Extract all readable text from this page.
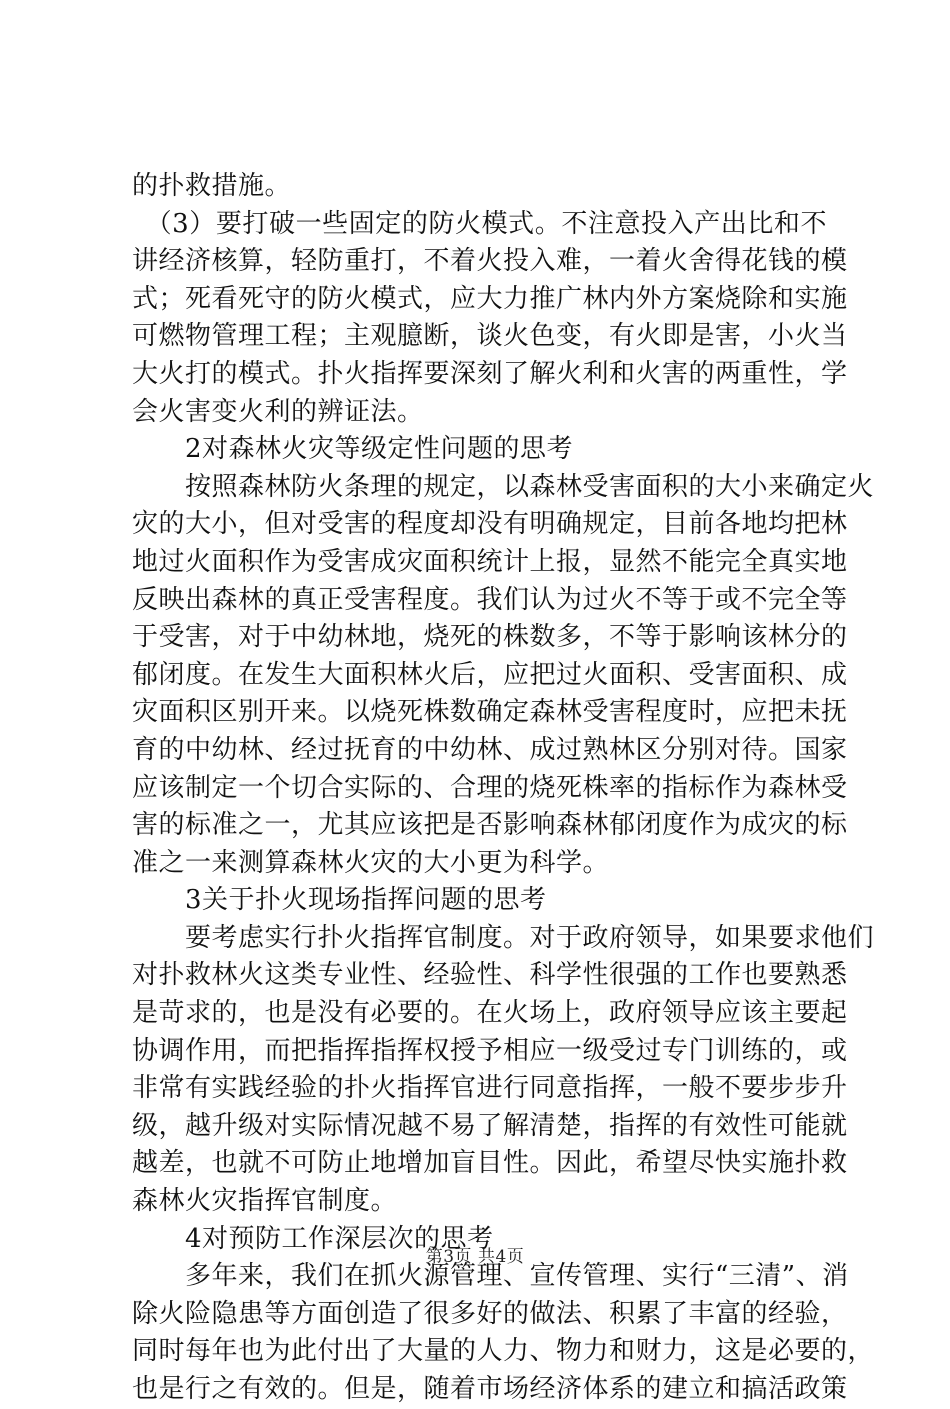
的扑救措施。
　（3）要打破一些固定的防火模式。不注意投入产出比和不
讲经济核算，轻防重打，不着火投入难，一着火舍得花钱的模
式；死看死守的防火模式，应大力推广林内外方案烧除和实施
可燃物管理工程；主观臆断，谈火色变，有火即是害，小火当
大火打的模式。扑火指挥要深刻了解火利和火害的两重性，学
会火害变火利的辨证法。
　　2对森林火灾等级定性问题的思考
　　按照森林防火条理的规定，以森林受害面积的大小来确定火
灾的大小，但对受害的程度却没有明确规定，目前各地均把林
地过火面积作为受害成灾面积统计上报，显然不能完全真实地
反映出森林的真正受害程度。我们认为过火不等于或不完全等
于受害，对于中幼林地，烧死的株数多，不等于影响该林分的
郁闭度。在发生大面积林火后，应把过火面积、受害面积、成
灾面积区别开来。以烧死株数确定森林受害程度时，应把未抚
育的中幼林、经过抚育的中幼林、成过熟林区分别对待。国家
应该制定一个切合实际的、合理的烧死株率的指标作为森林受
害的标准之一，尤其应该把是否影响森林郁闭度作为成灾的标
准之一来测算森林火灾的大小更为科学。
　　3关于扑火现场指挥问题的思考
　　要考虑实行扑火指挥官制度。对于政府领导，如果要求他们
对扑救林火这类专业性、经验性、科学性很强的工作也要熟悉
是苛求的，也是没有必要的。在火场上，政府领导应该主要起
协调作用，而把指挥指挥权授予相应一级受过专门训练的，或
非常有实践经验的扑火指挥官进行同意指挥，一般不要步步升
级，越升级对实际情况越不易了解清楚，指挥的有效性可能就
越差，也就不可防止地增加盲目性。因此，希望尽快实施扑救
森林火灾指挥官制度。
　　4对预防工作深层次的思考
　　多年来，我们在抓火源管理、宣传管理、实行“三清”、消
除火险隐患等方面创造了很多好的做法、积累了丰富的经验，
同时每年也为此付出了大量的人力、物力和财力，这是必要的，
也是行之有效的。但是，随着市场经济体系的建立和搞活政策
第3页 共4页
